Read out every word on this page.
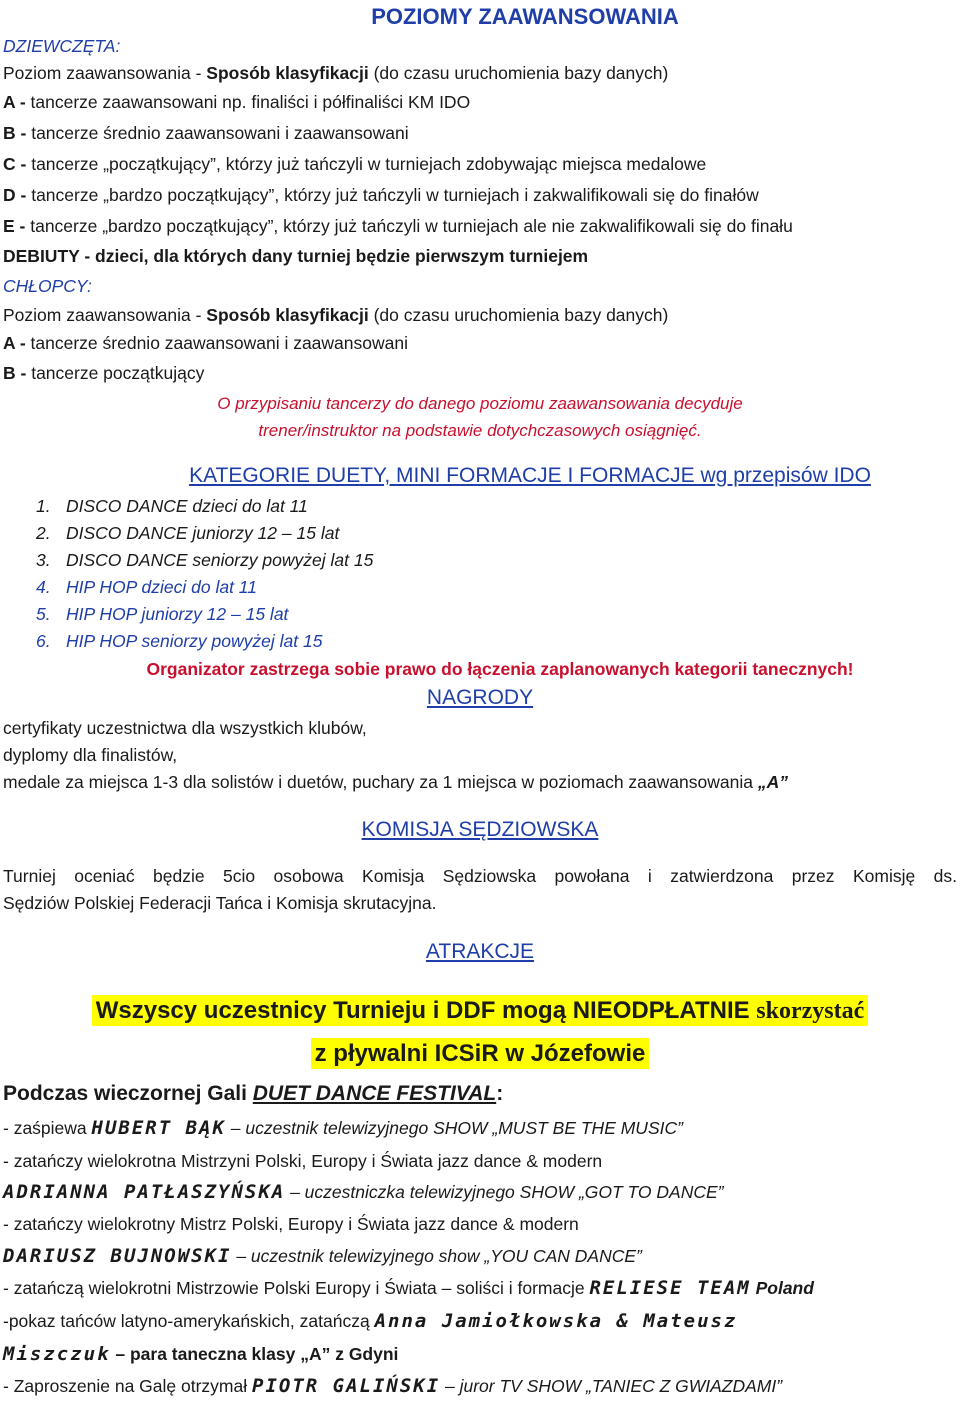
POZIOMY ZAAWANSOWANIA
DZIEWCZĘTA:
Poziom zaawansowania - Sposób klasyfikacji (do czasu uruchomienia bazy danych)
A - tancerze zaawansowani np. finaliści i półfinaliści KM IDO
B - tancerze średnio zaawansowani i zaawansowani
C - tancerze „początkujący”, którzy już tańczyli w turniejach zdobywając miejsca medalowe
D - tancerze „bardzo początkujący”, którzy już tańczyli w turniejach i zakwalifikowali się do finałów
E - tancerze „bardzo początkujący”, którzy już tańczyli w turniejach ale nie zakwalifikowali się do finału
DEBIUTY - dzieci, dla których dany turniej będzie pierwszym turniejem
CHŁOPCY:
Poziom zaawansowania - Sposób klasyfikacji (do czasu uruchomienia bazy danych)
A - tancerze średnio zaawansowani i zaawansowani
B - tancerze początkujący
O przypisaniu tancerzy do danego poziomu zaawansowania decyduje
trener/instruktor na podstawie dotychczasowych osiągnięć.
KATEGORIE DUETY, MINI FORMACJE I FORMACJE wg przepisów IDO
1. DISCO DANCE dzieci do lat 11
2. DISCO DANCE juniorzy 12 – 15 lat
3. DISCO DANCE seniorzy powyżej lat 15
4. HIP HOP dzieci do lat 11
5. HIP HOP juniorzy 12 – 15 lat
6. HIP HOP seniorzy powyżej lat 15
Organizator zastrzega sobie prawo do łączenia zaplanowanych kategorii tanecznych!
NAGRODY
certyfikaty uczestnictwa dla wszystkich klubów,
dyplomy dla finalistów,
medale za miejsca 1-3 dla solistów i duetów, puchary za 1 miejsca w poziomach zaawansowania „A”
KOMISJA SĘDZIOWSKA
Turniej oceniać będzie 5cio osobowa Komisja Sędziowska powołana i zatwierdzona przez Komisję ds.
Sędziów Polskiej Federacji Tańca i Komisja skrutacyjna.
ATRAKCJE
Wszyscy uczestnicy Turnieju i DDF mogą NIEODPŁATNIE skorzystać
z pływalni ICSiR w Józefowie
Podczas wieczornej Gali DUET DANCE FESTIVAL:
- zaśpiewa HUBERT BĄK – uczestnik telewizyjnego SHOW „MUST BE THE MUSIC”
- zatańczy wielokrotna Mistrzyni Polski, Europy i Świata jazz dance & modern
ADRIANNA PATŁASZYŃSKA – uczestniczka telewizyjnego SHOW „GOT TO DANCE”
- zatańczy wielokrotny Mistrz Polski, Europy i Świata jazz dance & modern
DARIUSZ BUJNOWSKI – uczestnik telewizyjnego show „YOU CAN DANCE”
- zatańczą wielokrotni Mistrzowie Polski Europy i Świata – soliści i formacje RELIESE TEAM Poland
-pokaz tańców latyno-amerykańskich, zatańczą Anna Jamiołkowska & Mateusz
Miszczuk – para taneczna klasy „A” z Gdyni
- Zaproszenie na Galę otrzymał PIOTR GALIŃSKI – juror TV SHOW „TANIEC Z GWIAZDAMI”
